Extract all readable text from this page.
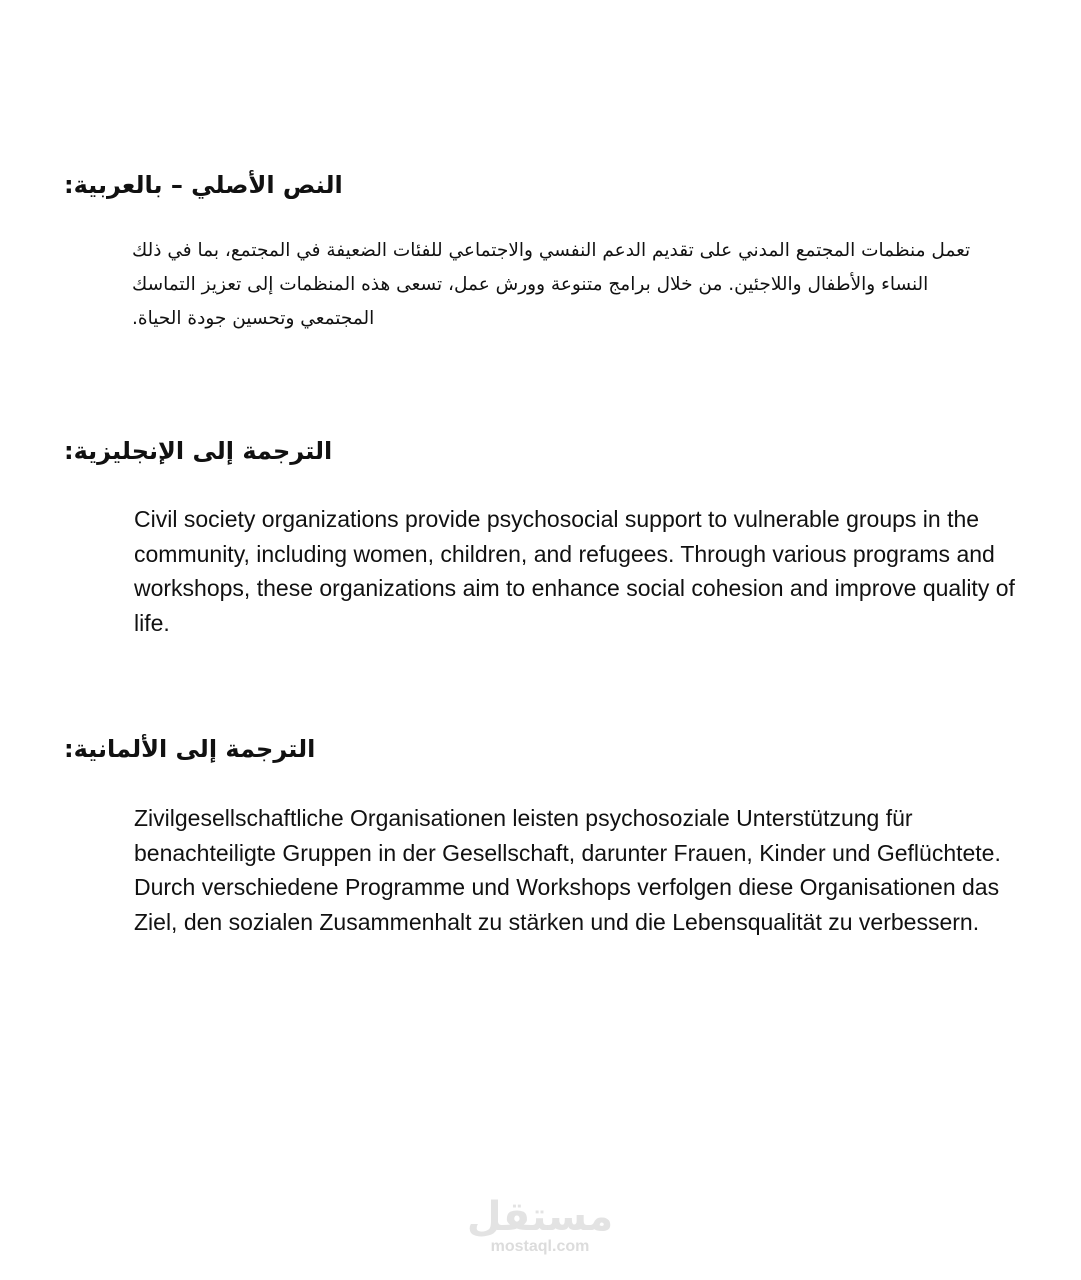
النص الأصلي – بالعربية:
تعمل منظمات المجتمع المدني على تقديم الدعم النفسي والاجتماعي للفئات الضعيفة في المجتمع، بما في ذلك النساء والأطفال واللاجئين. من خلال برامج متنوعة وورش عمل، تسعى هذه المنظمات إلى تعزيز التماسك المجتمعي وتحسين جودة الحياة.
الترجمة إلى الإنجليزية:
Civil society organizations provide psychosocial support to vulnerable groups in the community, including women, children, and refugees. Through various programs and workshops, these organizations aim to enhance social cohesion and improve quality of life.
الترجمة إلى الألمانية:
Zivilgesellschaftliche Organisationen leisten psychosoziale Unterstützung für benachteiligte Gruppen in der Gesellschaft, darunter Frauen, Kinder und Geflüchtete. Durch verschiedene Programme und Workshops verfolgen diese Organisationen das Ziel, den sozialen Zusammenhalt zu stärken und die Lebensqualität zu verbessern.
مستقل
mostaql.com
